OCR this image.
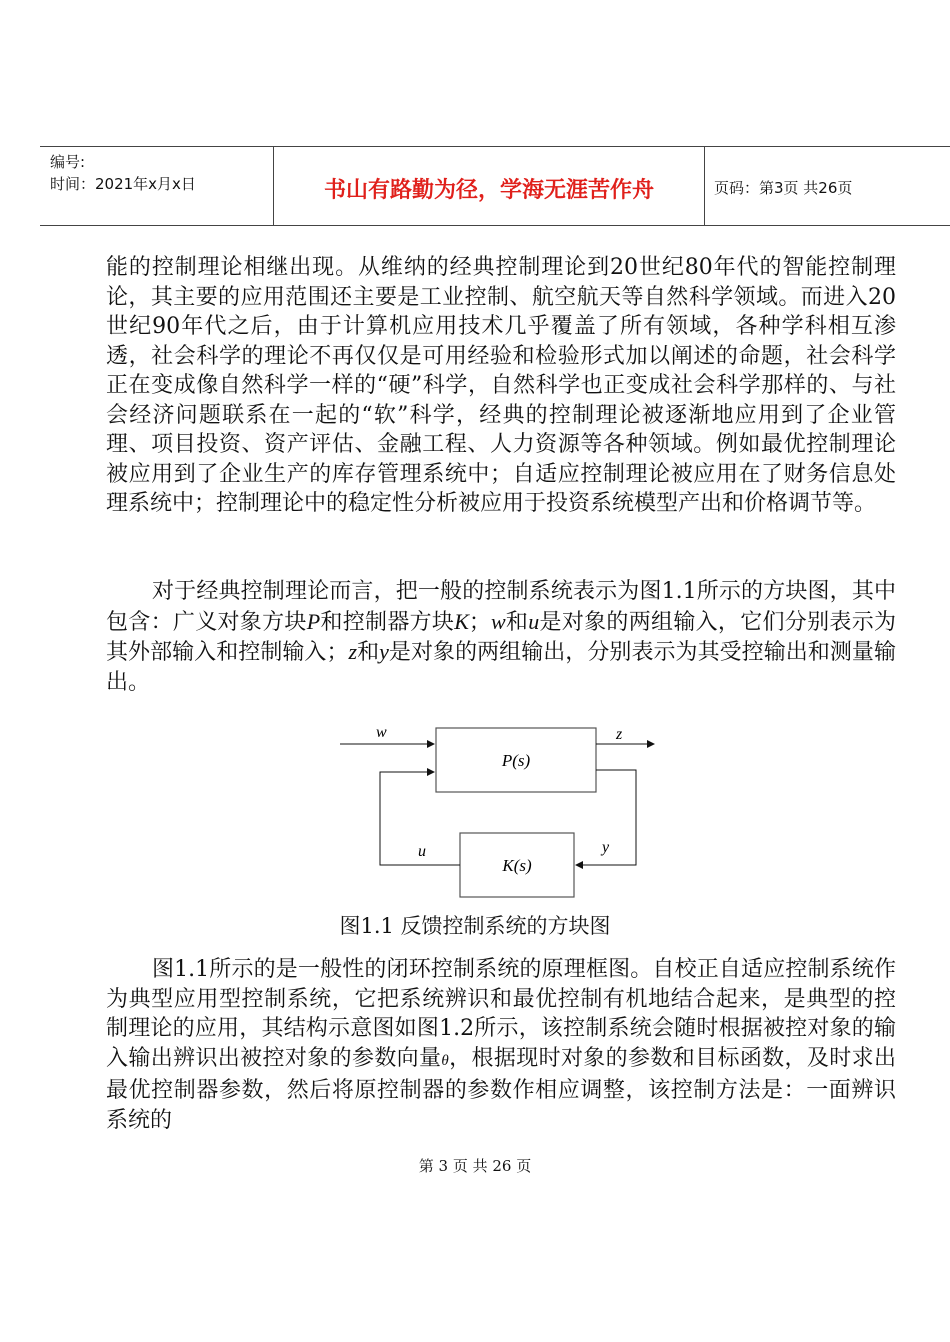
编号:
时间：2021年x月x日	书山有路勤为径，学海无涯苦作舟	页码：第3页 共26页

能的控制理论相继出现。从维纳的经典控制理论到20世纪80年代的智能控制理论，其主要的应用范围还主要是工业控制、航空航天等自然科学领域。而进入20世纪90年代之后，由于计算机应用技术几乎覆盖了所有领域，各种学科相互渗透，社会科学的理论不再仅仅是可用经验和检验形式加以阐述的命题，社会科学正在变成像自然科学一样的“硬”科学，自然科学也正变成社会科学那样的、与社会经济问题联系在一起的“软”科学，经典的控制理论被逐渐地应用到了企业管理、项目投资、资产评估、金融工程、人力资源等各种领域。例如最优控制理论被应用到了企业生产的库存管理系统中；自适应控制理论被应用在了财务信息处理系统中；控制理论中的稳定性分析被应用于投资系统模型产出和价格调节等。

对于经典控制理论而言，把一般的控制系统表示为图1.1所示的方块图，其中包含：广义对象方块P和控制器方块K；w和u是对象的两组输入，它们分别表示为其外部输入和控制输入；z和y是对象的两组输出，分别表示为其受控输出和测量输出。

P(s)
K(s)
w	z
y
u
图1.1 反馈控制系统的方块图

图1.1所示的是一般性的闭环控制系统的原理框图。自校正自适应控制系统作为典型应用型控制系统，它把系统辨识和最优控制有机地结合起来，是典型的控制理论的应用，其结构示意图如图1.2所示，该控制系统会随时根据被控对象的输入输出辨识出被控对象的参数向量θ，根据现时对象的参数和目标函数，及时求出最优控制器参数，然后将原控制器的参数作相应调整，该控制方法是：一面辨识系统的

第 3 页 共 26 页
